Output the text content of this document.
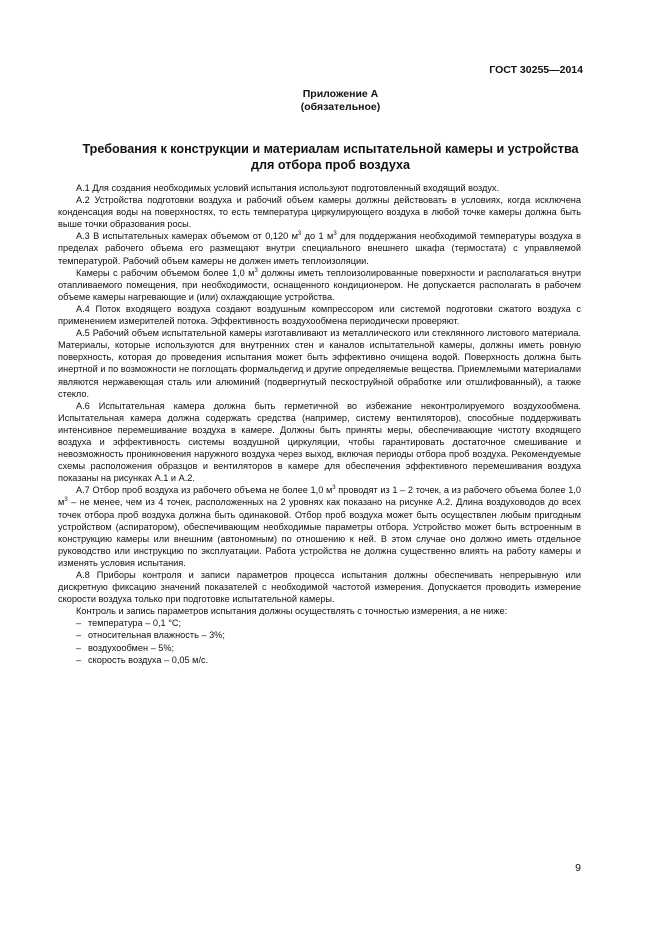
ГОСТ 30255—2014
Приложение А
(обязательное)
Требования к конструкции и материалам испытательной камеры и устройства
для отбора проб воздуха

А.1 Для создания необходимых условий испытания используют подготовленный входящий воздух.

А.2 Устройства подготовки воздуха и рабочий объем камеры должны действовать в условиях, когда исключена конденсация воды на поверхностях, то есть температура циркулирующего воздуха в любой точке камеры должна быть выше точки образования росы.

А.3 В испытательных камерах объемом от 0,120 $м^3$ до 1 $м^3$ для поддержания необходимой температуры воздуха в пределах рабочего объема его размещают внутри специального внешнего шкафа (термостата) с управляемой температурой. Рабочий объем камеры не должен иметь теплоизоляции.

Камеры с рабочим объемом более 1,0 $м^3$ должны иметь теплоизолированные поверхности и располагаться внутри отапливаемого помещения, при необходимости, оснащенного кондиционером. Не допускается располагать в рабочем объеме камеры нагревающие и (или) охлаждающие устройства.

А.4 Поток входящего воздуха создают воздушным компрессором или системой подготовки сжатого воздуха с применением измерителей потока. Эффективность воздухообмена периодически проверяют.

А.5 Рабочий объем испытательной камеры изготавливают из металлического или стеклянного листового материала. Материалы, которые используются для внутренних стен и каналов испытательной камеры, должны иметь ровную поверхность, которая до проведения испытания может быть эффективно очищена водой. Поверхность должна быть инертной и по возможности не поглощать формальдегид и другие определяемые вещества. Приемлемыми материалами являются нержавеющая сталь или алюминий (подвергнутый пескоструйной обработке или отшлифованный), а также стекло.

А.6 Испытательная камера должна быть герметичной во избежание неконтролируемого воздухообмена. Испытательная камера должна содержать средства (например, систему вентиляторов), способные поддерживать интенсивное перемешивание воздуха в камере. Должны быть приняты меры, обеспечивающие чистоту входящего воздуха и эффективность системы воздушной циркуляции, чтобы гарантировать достаточное смешивание и невозможность проникновения наружного воздуха через выход, включая периоды отбора проб воздуха. Рекомендуемые схемы расположения образцов и вентиляторов в камере для обеспечения эффективного перемешивания воздуха показаны на рисунках А.1 и А.2.

А.7 Отбор проб воздуха из рабочего объема не более 1,0 $м^3$ проводят из 1 – 2 точек, а из рабочего объема более 1,0 $м^3$ – не менее, чем из 4 точек, расположенных на 2 уровнях как показано на рисунке А.2. Длина воздуховодов до всех точек отбора проб воздуха должна быть одинаковой. Отбор проб воздуха может быть осуществлен любым пригодным устройством (аспиратором), обеспечивающим необходимые параметры отбора. Устройство может быть встроенным в конструкцию камеры или внешним (автономным) по отношению к ней. В этом случае оно должно иметь отдельное руководство или инструкцию по эксплуатации. Работа устройства не должна существенно влиять на работу камеры и изменять условия испытания.

А.8 Приборы контроля и записи параметров процесса испытания должны обеспечивать непрерывную или дискретную фиксацию значений показателей с необходимой частотой измерения. Допускается проводить измерение скорости воздуха только при подготовке испытательной камеры.

Контроль и запись параметров испытания должны осуществлять с точностью измерения, а не ниже:

– температура – 0,1 °С;
– относительная влажность – 3%;
– воздухообмен – 5%;
– скорость воздуха – 0,05 м/с.
9
